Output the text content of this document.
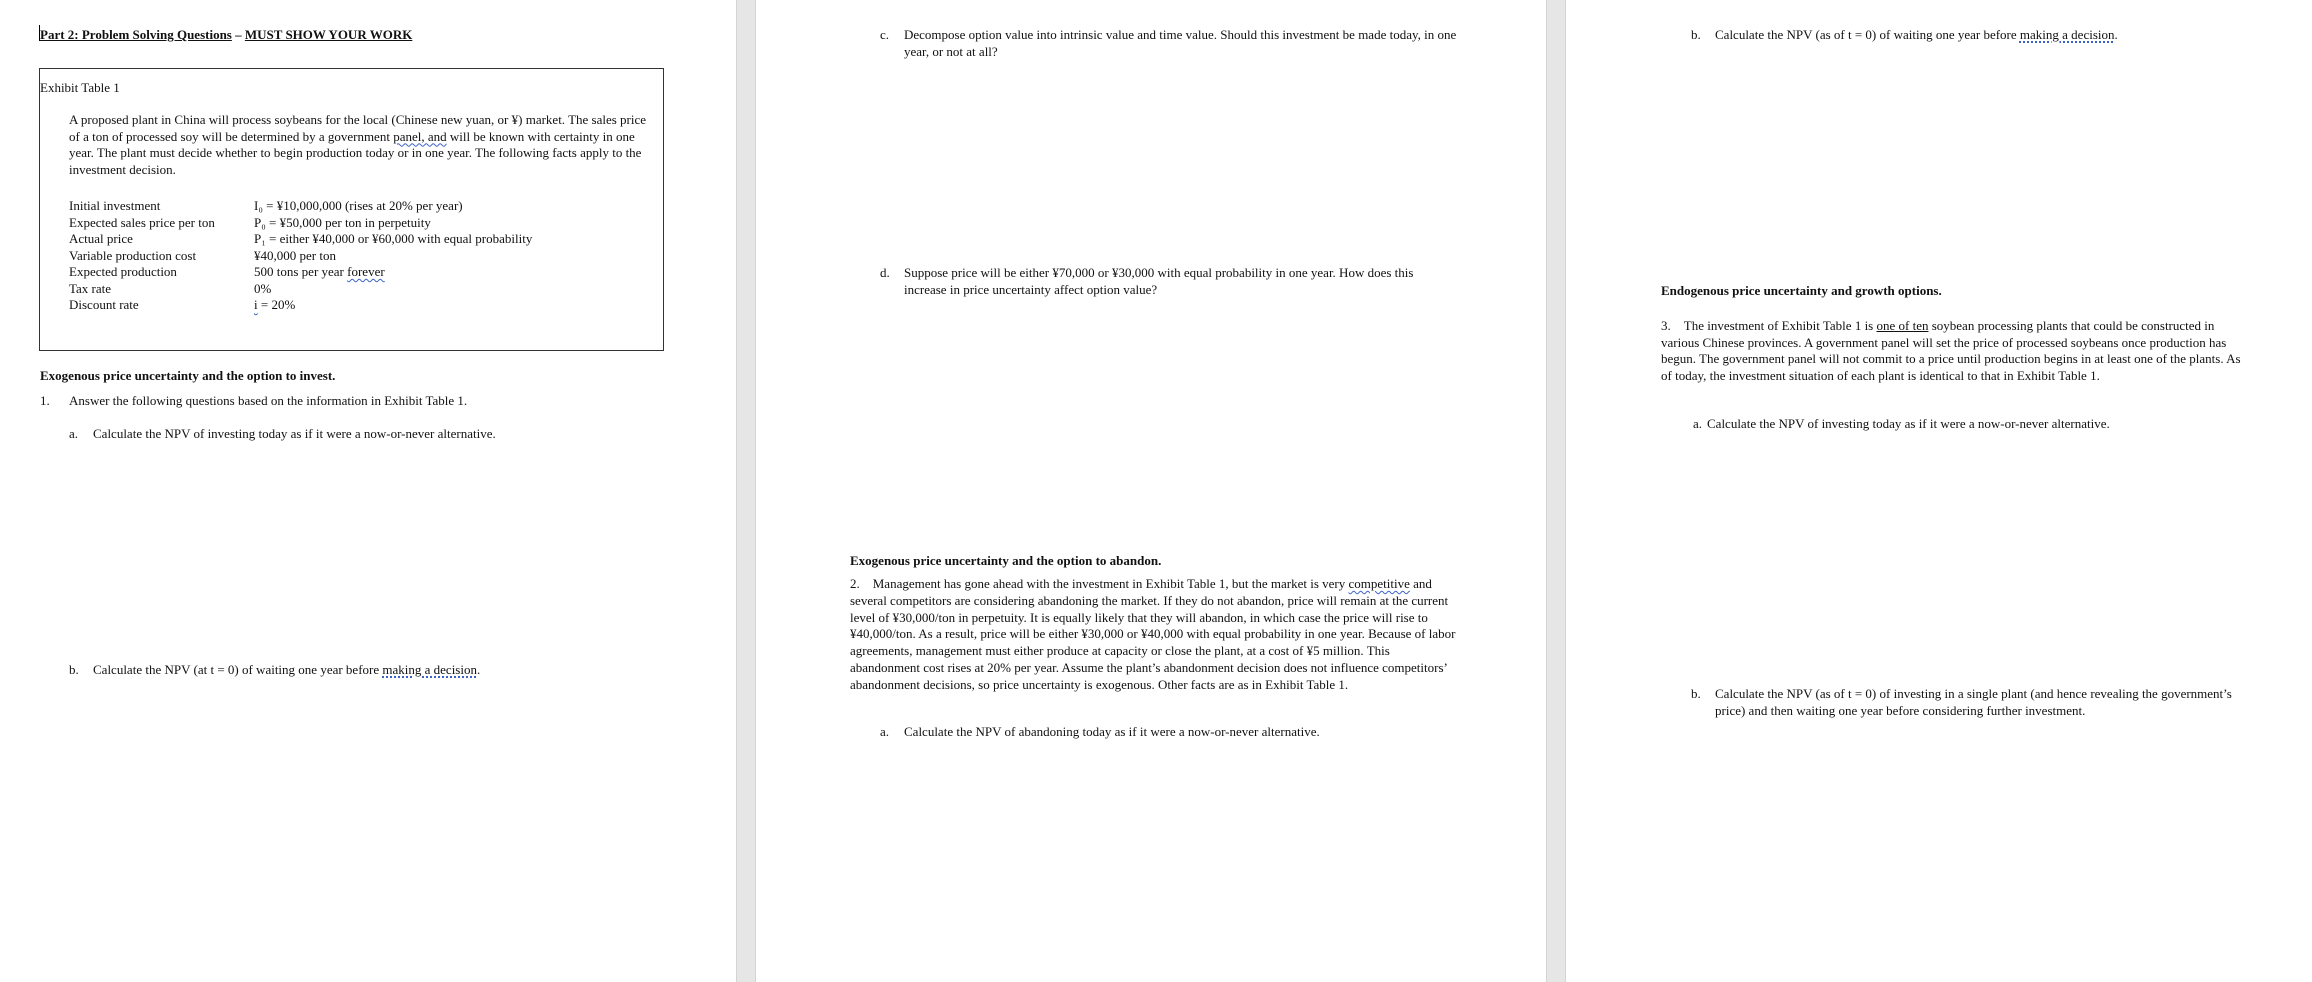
Part 2: Problem Solving Questions – MUST SHOW YOUR WORK
Exhibit Table 1
A proposed plant in China will process soybeans for the local (Chinese new yuan, or ¥) market. The sales price of a ton of processed soy will be determined by a government panel, and will be known with certainty in one year. The plant must decide whether to begin production today or in one year. The following facts apply to the investment decision.
Initial investment	I₀ = ¥10,000,000 (rises at 20% per year)
Expected sales price per ton	P₀ = ¥50,000 per ton in perpetuity
Actual price	P₁ = either ¥40,000 or ¥60,000 with equal probability
Variable production cost	¥40,000 per ton
Expected production	500 tons per year forever
Tax rate	0%
Discount rate	i = 20%
Exogenous price uncertainty and the option to invest.
1. Answer the following questions based on the information in Exhibit Table 1.
a. Calculate the NPV of investing today as if it were a now-or-never alternative.
b. Calculate the NPV (at t = 0) of waiting one year before making a decision.
c. Decompose option value into intrinsic value and time value. Should this investment be made today, in one year, or not at all?
d. Suppose price will be either ¥70,000 or ¥30,000 with equal probability in one year. How does this increase in price uncertainty affect option value?
Exogenous price uncertainty and the option to abandon.
2. Management has gone ahead with the investment in Exhibit Table 1, but the market is very competitive and several competitors are considering abandoning the market. If they do not abandon, price will remain at the current level of ¥30,000/ton in perpetuity. It is equally likely that they will abandon, in which case the price will rise to ¥40,000/ton. As a result, price will be either ¥30,000 or ¥40,000 with equal probability in one year. Because of labor agreements, management must either produce at capacity or close the plant, at a cost of ¥5 million. This abandonment cost rises at 20% per year. Assume the plant’s abandonment decision does not influence competitors’ abandonment decisions, so price uncertainty is exogenous. Other facts are as in Exhibit Table 1.
a. Calculate the NPV of abandoning today as if it were a now-or-never alternative.
b. Calculate the NPV (as of t = 0) of waiting one year before making a decision.
Endogenous price uncertainty and growth options.
3. The investment of Exhibit Table 1 is one of ten soybean processing plants that could be constructed in various Chinese provinces. A government panel will set the price of processed soybeans once production has begun. The government panel will not commit to a price until production begins in at least one of the plants. As of today, the investment situation of each plant is identical to that in Exhibit Table 1.
a. Calculate the NPV of investing today as if it were a now-or-never alternative.
b. Calculate the NPV (as of t = 0) of investing in a single plant (and hence revealing the government’s price) and then waiting one year before considering further investment.
